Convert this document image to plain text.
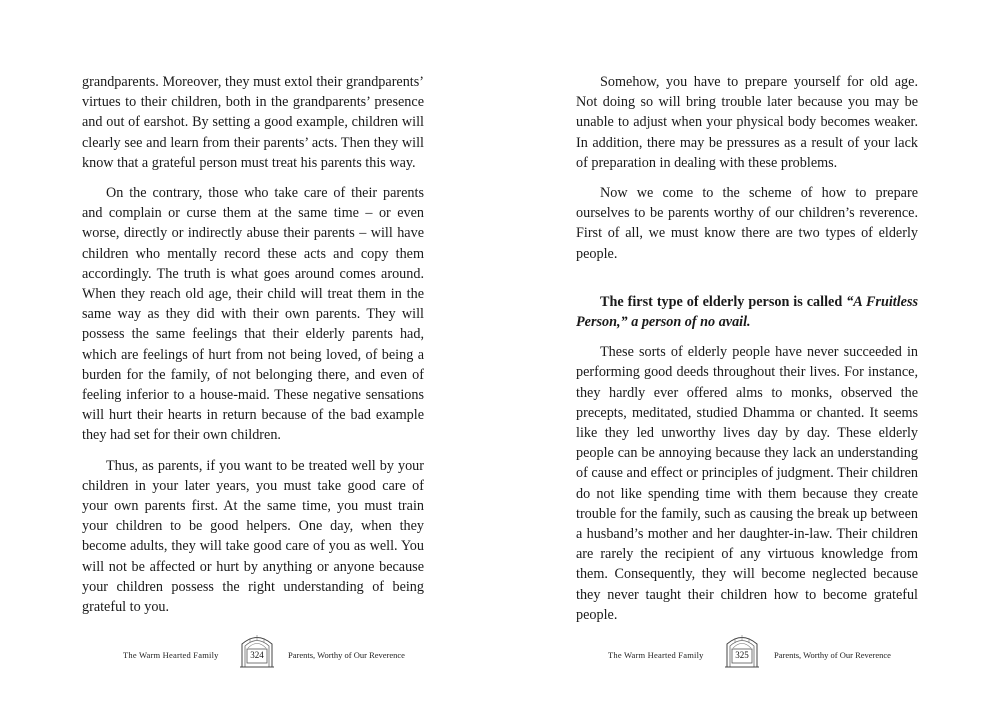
grandparents. Moreover, they must extol their grandparents’ virtues to their children, both in the grandparents’ presence and out of earshot. By setting a good example, children will clearly see and learn from their parents’ acts. Then they will know that a grateful person must treat his parents this way.

On the contrary, those who take care of their parents and complain or curse them at the same time – or even worse, directly or indirectly abuse their parents – will have children who mentally record these acts and copy them accordingly. The truth is what goes around comes around. When they reach old age, their child will treat them in the same way as they did with their own parents. They will possess the same feelings that their elderly parents had, which are feelings of hurt from not being loved, of being a burden for the family, of not belonging there, and even of feeling inferior to a house-maid. These negative sensations will hurt their hearts in return because of the bad example they had set for their own children.

Thus, as parents, if you want to be treated well by your children in your later years, you must take good care of your own parents first. At the same time, you must train your children to be good helpers. One day, when they become adults, they will take good care of you as well. You will not be affected or hurt by anything or anyone because your children possess the right understanding of being grateful to you.

The Warm Hearted Family	324	Parents, Worthy of Our Reverence

Somehow, you have to prepare yourself for old age. Not doing so will bring trouble later because you may be unable to adjust when your physical body becomes weaker. In addition, there may be pressures as a result of your lack of preparation in dealing with these problems.

Now we come to the scheme of how to prepare ourselves to be parents worthy of our children’s reverence. First of all, we must know there are two types of elderly people.

The first type of elderly person is called “A Fruitless Person,” a person of no avail.

These sorts of elderly people have never succeeded in performing good deeds throughout their lives. For instance, they hardly ever offered alms to monks, observed the precepts, meditated, studied Dhamma or chanted. It seems like they led unworthy lives day by day. These elderly people can be annoying because they lack an understanding of cause and effect or principles of judgment. Their children do not like spending time with them because they create trouble for the family, such as causing the break up between a husband’s mother and her daughter-in-law. Their children are rarely the recipient of any virtuous knowledge from them. Consequently, they will become neglected because they never taught their children how to become grateful people.

The Warm Hearted Family	325	Parents, Worthy of Our Reverence
